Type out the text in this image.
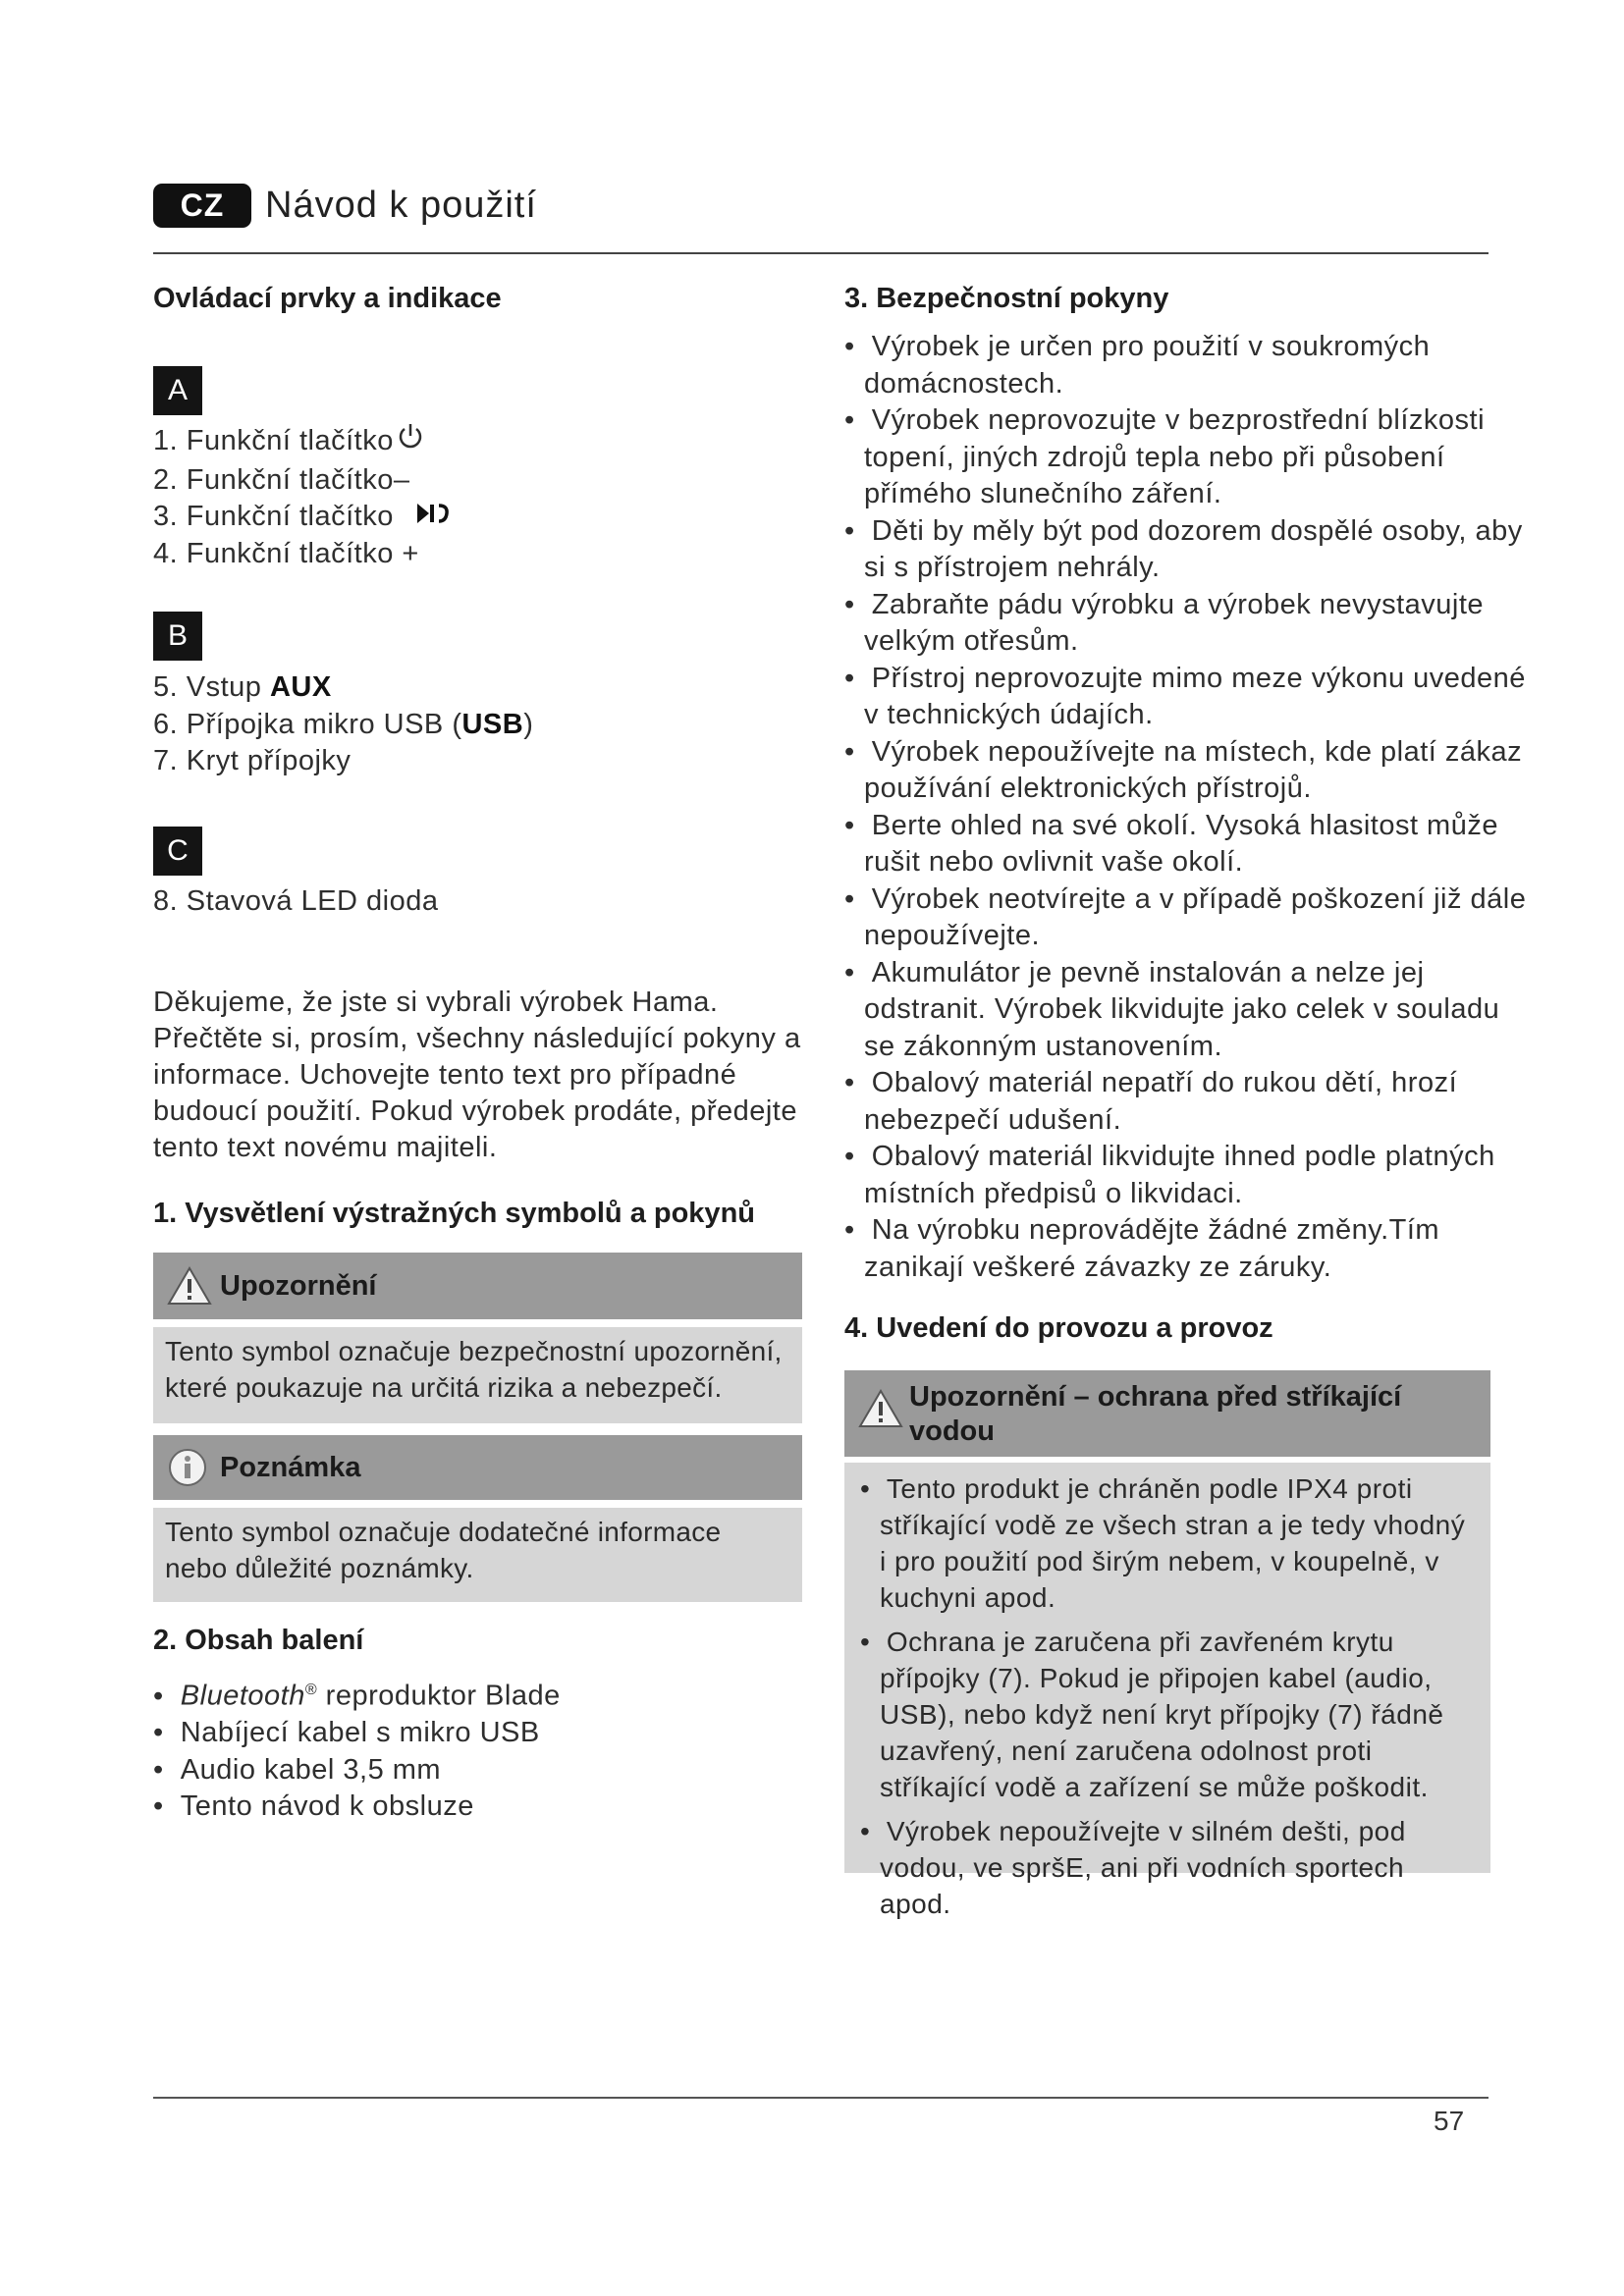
CZ	Návod k použití
Ovládací prvky a indikace
A
1. Funkční tlačítko
2. Funkční tlačítko–
3. Funkční tlačítko
4. Funkční tlačítko +
B
5. Vstup AUX
6. Přípojka mikro USB (USB)
7. Kryt přípojky
C
8. Stavová LED dioda
Děkujeme, že jste si vybrali výrobek Hama. Přečtěte si, prosím, všechny následující pokyny a informace. Uchovejte tento text pro případné budoucí použití. Pokud výrobek prodáte, předejte tento text novému majiteli.
1. Vysvětlení výstražných symbolů a pokynů
Upozornění
Tento symbol označuje bezpečnostní upozornění, které poukazuje na určitá rizika a nebezpečí.
Poznámka
Tento symbol označuje dodatečné informace nebo důležité poznámky.
2. Obsah balení
•  Bluetooth® reproduktor Blade
•  Nabíjecí kabel s mikro USB
•  Audio kabel 3,5 mm
•  Tento návod k obsluze
3. Bezpečnostní pokyny
•  Výrobek je určen pro použití v soukromých domácnostech.
•  Výrobek neprovozujte v bezprostřední blízkosti topení, jiných zdrojů tepla nebo při působení přímého slunečního záření.
•  Děti by měly být pod dozorem dospělé osoby, aby si s přístrojem nehrály.
•  Zabraňte pádu výrobku a výrobek nevystavujte velkým otřesům.
•  Přístroj neprovozujte mimo meze výkonu uvedené v technických údajích.
•  Výrobek nepoužívejte na místech, kde platí zákaz používání elektronických přístrojů.
•  Berte ohled na své okolí. Vysoká hlasitost může rušit nebo ovlivnit vaše okolí.
•  Výrobek neotvírejte a v případě poškození již dále nepoužívejte.
•  Akumulátor je pevně instalován a nelze jej odstranit. Výrobek likvidujte jako celek v souladu se zákonným ustanovením.
•  Obalový materiál nepatří do rukou dětí, hrozí nebezpečí udušení.
•  Obalový materiál likvidujte ihned podle platných místních předpisů o likvidaci.
•  Na výrobku neprovádějte žádné změny.Tím zanikají veškeré závazky ze záruky.
4. Uvedení do provozu a provoz
Upozornění – ochrana před stříkající vodou
•  Tento produkt je chráněn podle IPX4 proti stříkající vodě ze všech stran a je tedy vhodný i pro použití pod širým nebem, v koupelně, v kuchyni apod.
•  Ochrana je zaručena při zavřeném krytu přípojky (7). Pokud je připojen kabel (audio, USB), nebo když není kryt přípojky (7) řádně uzavřený, není zaručena odolnost proti stříkající vodě a zařízení se může poškodit.
•  Výrobek nepoužívejte v silném dešti, pod vodou, ve spršE, ani při vodních sportech apod.
57
